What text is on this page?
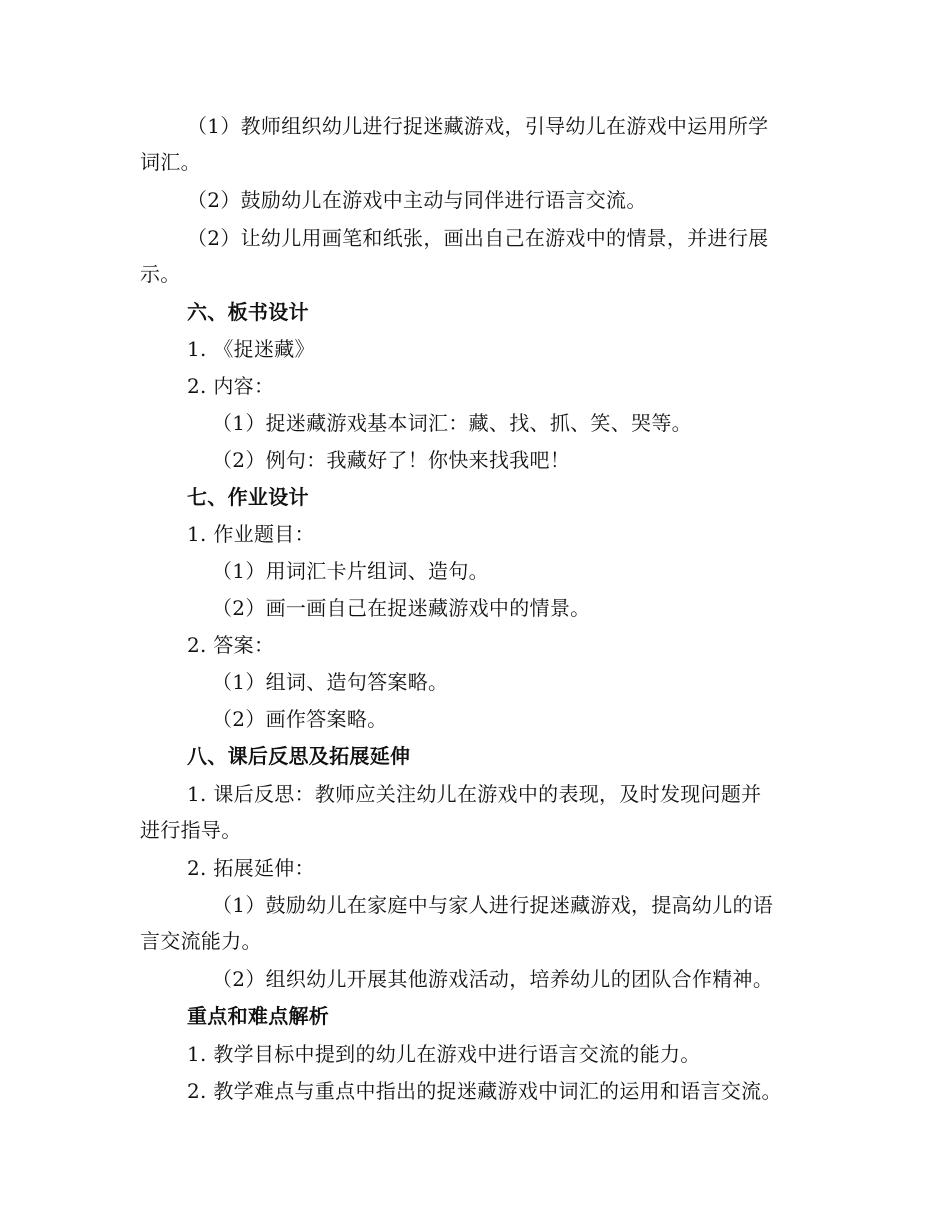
（1）教师组织幼儿进行捉迷藏游戏，引导幼儿在游戏中运用所学
词汇。
（2）鼓励幼儿在游戏中主动与同伴进行语言交流。
（2）让幼儿用画笔和纸张，画出自己在游戏中的情景，并进行展
示。
六、板书设计
1. 《捉迷藏》
2. 内容：
（1）捉迷藏游戏基本词汇：藏、找、抓、笑、哭等。
（2）例句：我藏好了！你快来找我吧！
七、作业设计
1. 作业题目：
（1）用词汇卡片组词、造句。
（2）画一画自己在捉迷藏游戏中的情景。
2. 答案：
（1）组词、造句答案略。
（2）画作答案略。
八、课后反思及拓展延伸
1. 课后反思：教师应关注幼儿在游戏中的表现，及时发现问题并
进行指导。
2. 拓展延伸：
（1）鼓励幼儿在家庭中与家人进行捉迷藏游戏，提高幼儿的语
言交流能力。
（2）组织幼儿开展其他游戏活动，培养幼儿的团队合作精神。
重点和难点解析
1. 教学目标中提到的幼儿在游戏中进行语言交流的能力。
2. 教学难点与重点中指出的捉迷藏游戏中词汇的运用和语言交流。
